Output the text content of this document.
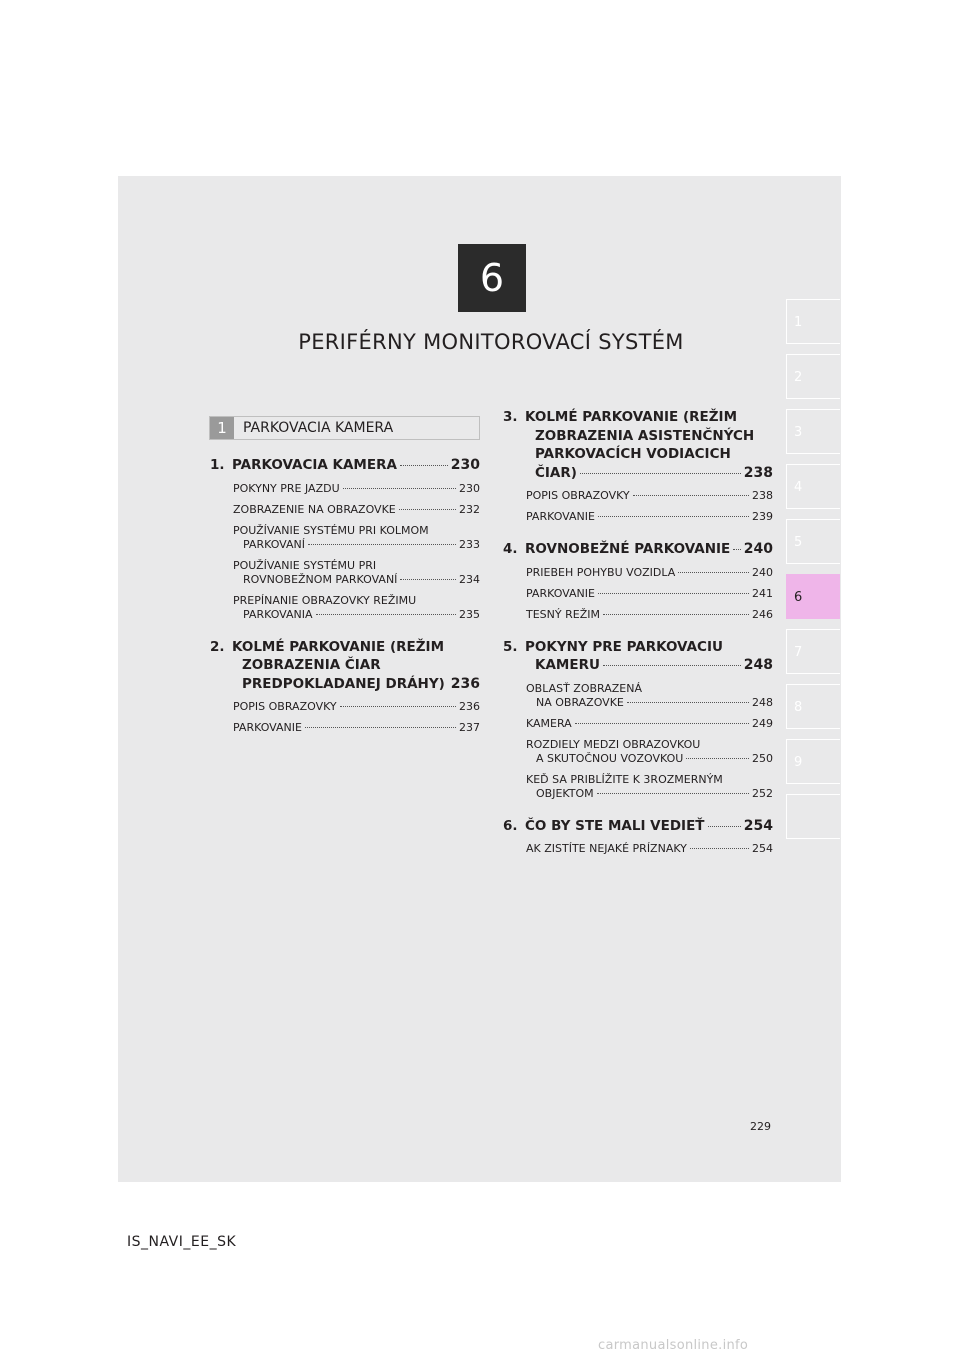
6
PERIFÉRNY MONITOROVACÍ SYSTÉM
1
2
3
4
5
6
7
8
9
1	PARKOVACIA KAMERA
1. PARKOVACIA KAMERA	230
POKYNY PRE JAZDU	230
ZOBRAZENIE NA OBRAZOVKE	232
POUŽÍVANIE SYSTÉMU PRI KOLMOM
PARKOVANÍ	233
POUŽÍVANIE SYSTÉMU PRI
ROVNOBEŽNOM PARKOVANÍ	234
PREPÍNANIE OBRAZOVKY REŽIMU
PARKOVANIA	235
2. KOLMÉ PARKOVANIE (REŽIM
ZOBRAZENIA ČIAR
PREDPOKLADANEJ DRÁHY) 236
POPIS OBRAZOVKY	236
PARKOVANIE	237
3. KOLMÉ PARKOVANIE (REŽIM
ZOBRAZENIA ASISTENČNÝCH
PARKOVACÍCH VODIACICH
ČIAR)	238
POPIS OBRAZOVKY	238
PARKOVANIE	239
4. ROVNOBEŽNÉ PARKOVANIE 240
PRIEBEH POHYBU VOZIDLA	240
PARKOVANIE	241
TESNÝ REŽIM	246
5. POKYNY PRE PARKOVACIU
KAMERU	248
OBLASŤ ZOBRAZENÁ
NA OBRAZOVKE	248
KAMERA	249
ROZDIELY MEDZI OBRAZOVKOU
A SKUTOČNOU VOZOVKOU	250
KEĎ SA PRIBLÍŽITE K 3ROZMERNÝM
OBJEKTOM	252
6. ČO BY STE MALI VEDIEŤ	254
AK ZISTÍTE NEJAKÉ PRÍZNAKY	254
229
IS_NAVI_EE_SK
carmanualsonline.info
